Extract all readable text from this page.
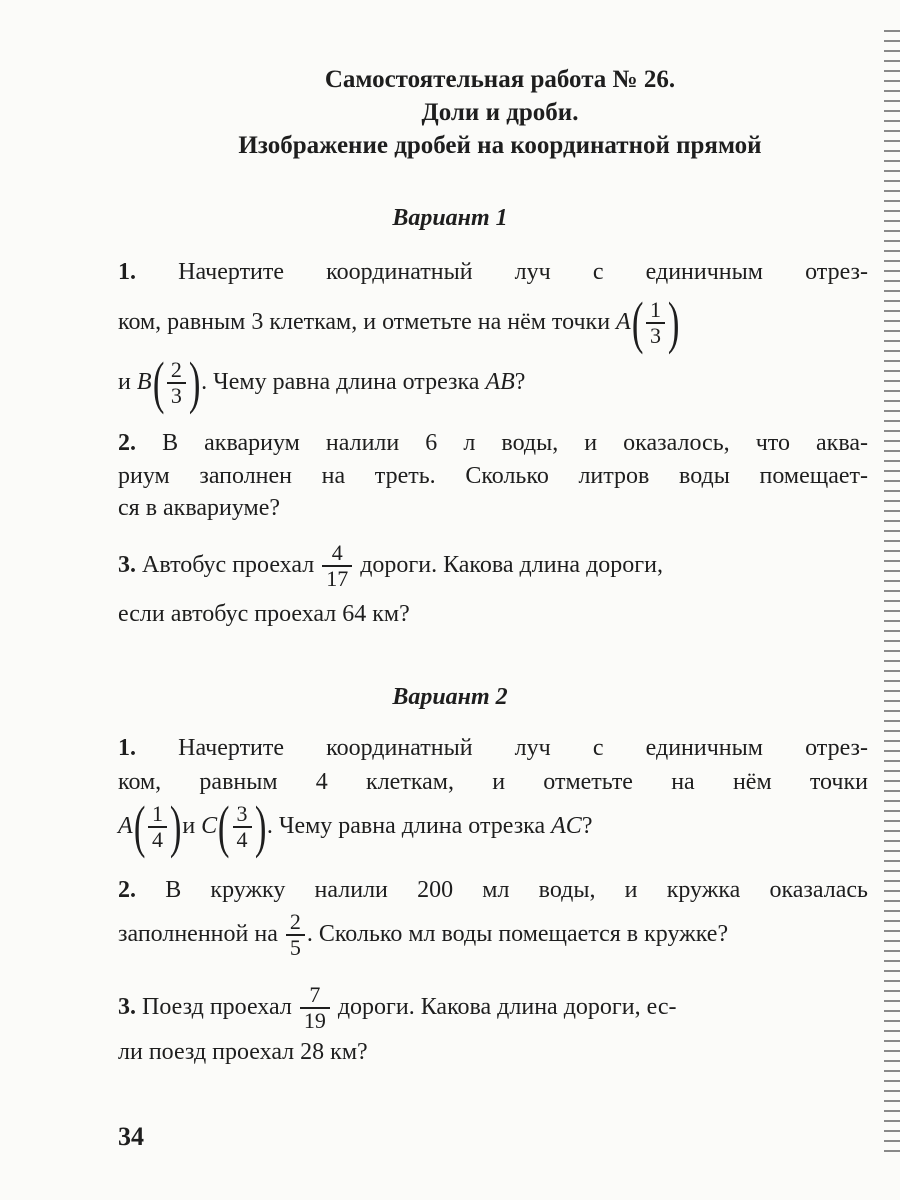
Самостоятельная работа № 26.
Доли и дроби.
Изображение дробей на координатной прямой
Вариант 1
1. Начертите координатный луч с единичным отрез-
ком, равным 3 клеткам, и отметьте на нём точки $A( \frac{1}{3}$ )
и $B( \frac{2}{3}$ ). Чему равна длина отрезка AB?
2. В аквариум налили 6 л воды, и оказалось, что аква-
риум заполнен на треть. Сколько литров воды помещает-
ся в аквариуме?
3. Автобус проехал $\frac{4}{17}$ дороги. Какова длина дороги,
если автобус проехал 64 км?
Вариант 2
1. Начертите координатный луч с единичным отрез-
ком, равным 4 клеткам, и отметьте на нём точки
$A( \frac{1}{4} )и$ $C( \frac{3}{4}$ ). Чему равна длина отрезка AC?
2. В кружку налили 200 мл воды, и кружка оказалась
заполненной на $\frac{2}{5}$ . Сколько мл воды помещается в кружке?
3. Поезд проехал $\frac{7}{19}$ дороги. Какова длина дороги, ес-
ли поезд проехал 28 км?
34
